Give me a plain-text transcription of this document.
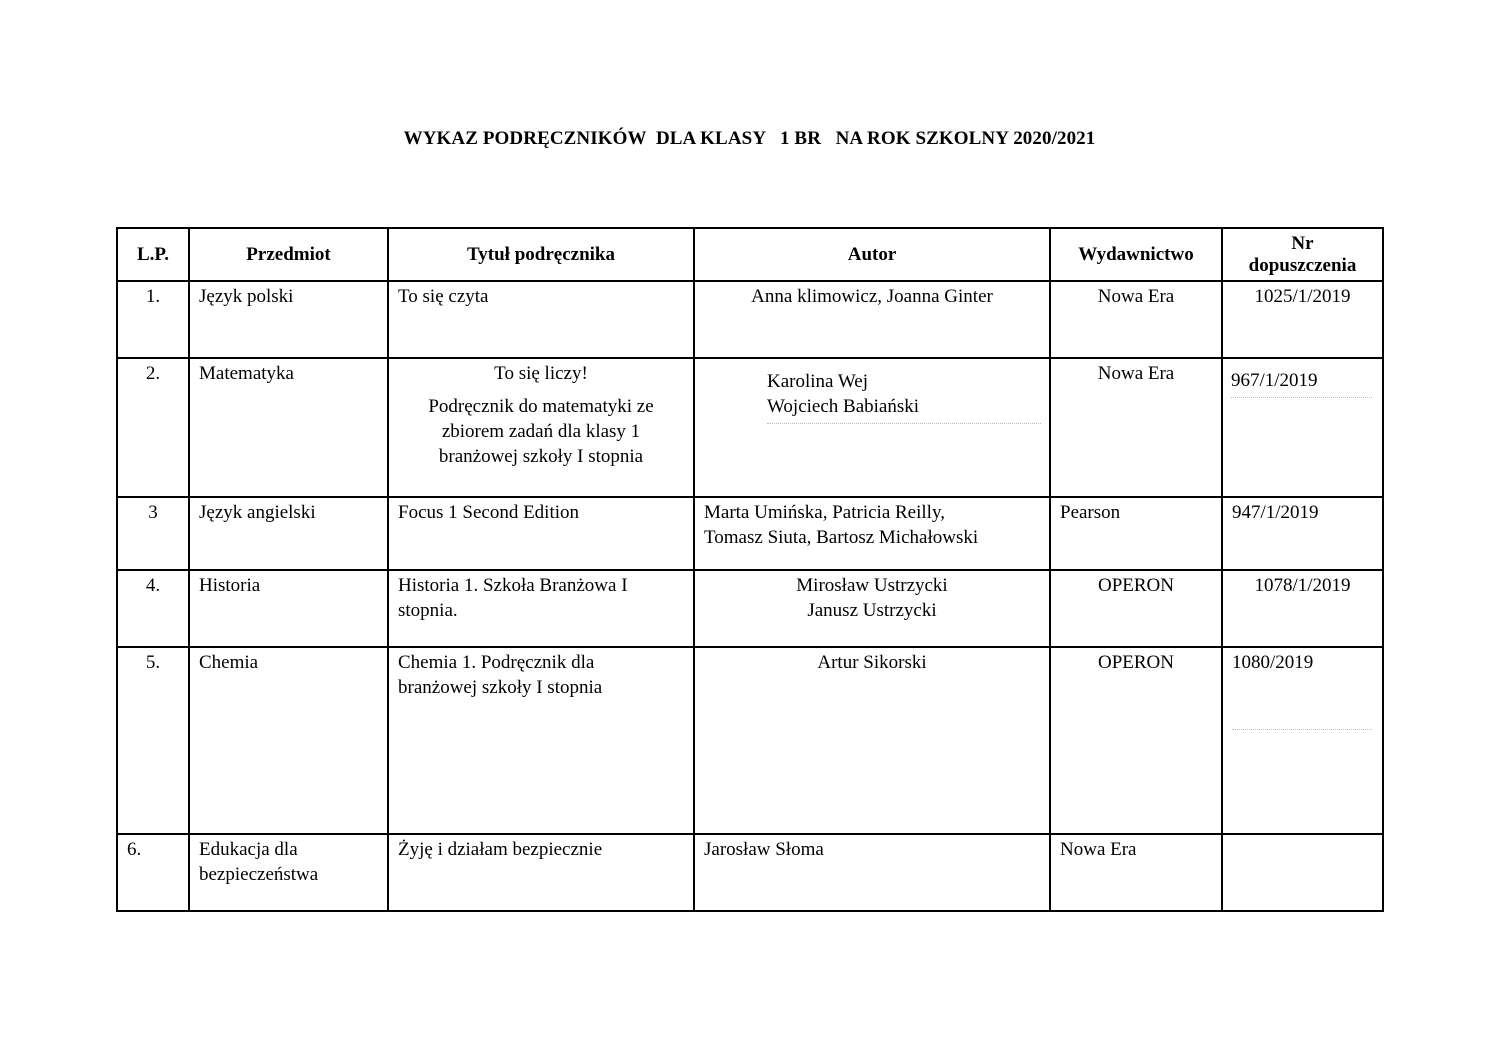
WYKAZ PODRĘCZNIKÓW  DLA KLASY   1 BR   NA ROK SZKOLNY 2020/2021
L.P.	Przedmiot	Tytuł podręcznika	Autor	Wydawnictwo	Nr
dopuszczenia

1.	Język polski	To się czyta	Anna klimowicz, Joanna Ginter	Nowa Era	1025/1/2019
2.	Matematyka	To się liczy!
Podręcznik do matematyki ze
zbiorem zadań dla klasy 1
branżowej szkoły I stopnia	Karolina Wej
Wojciech Babiański	Nowa Era	967/1/2019

3	Język angielski	Focus 1 Second Edition	Marta Umińska, Patricia Reilly,
Tomasz Siuta, Bartosz Michałowski	Pearson	947/1/2019
4.	Historia	Historia 1. Szkoła Branżowa I
stopnia.	Mirosław Ustrzycki
Janusz Ustrzycki	OPERON	1078/1/2019
5.	Chemia	Chemia 1. Podręcznik dla
branżowej szkoły I stopnia	Artur Sikorski	OPERON	1080/2019

6.	Edukacja dla
bezpieczeństwa	Żyję i działam bezpiecznie	Jarosław Słoma	Nowa Era	
